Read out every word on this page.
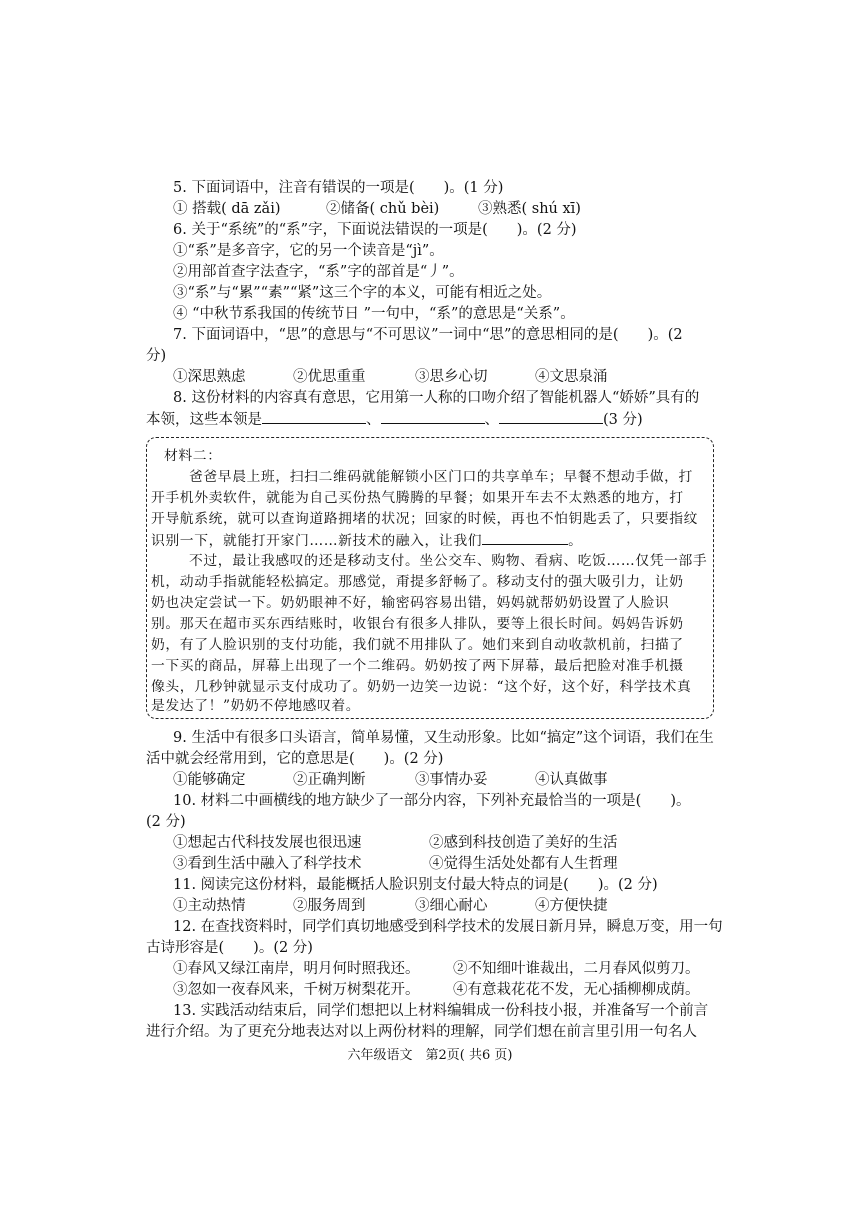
5. 下面词语中，注音有错误的一项是(　　)。(1 分)
① 搭载( dā zǎi)	②储备( chǔ bèi)	③熟悉( shú xī)
6. 关于“系统”的“系”字，下面说法错误的一项是(　　)。(2 分)
①“系”是多音字，它的另一个读音是“jì”。
②用部首查字法查字，“系”字的部首是“丿”。
③“系”与“累”“素”“紧”这三个字的本义，可能有相近之处。
④ “中秋节系我国的传统节日 ”一句中，“系”的意思是“关系”。
7. 下面词语中，“思”的意思与“不可思议”一词中“思”的意思相同的是(　　)。(2
分)
①深思熟虑	②优思重重	③思乡心切	④文思泉涌
8. 这份材料的内容真有意思，它用第一人称的口吻介绍了智能机器人“娇娇”具有的
本领，这些本领是	、	、	(3 分)
材料二：
爸爸早晨上班，扫扫二维码就能解锁小区门口的共享单车；早餐不想动手做，打
开手机外卖软件，就能为自己买份热气腾腾的早餐；如果开车去不太熟悉的地方，打
开导航系统，就可以查询道路拥堵的状况；回家的时候，再也不怕钥匙丢了，只要指纹
识别一下，就能打开家门……新技术的融入，让我们	。
不过，最让我感叹的还是移动支付。坐公交车、购物、看病、吃饭……仅凭一部手
机，动动手指就能轻松搞定。那感觉，甭提多舒畅了。移动支付的强大吸引力，让奶
奶也决定尝试一下。奶奶眼神不好，输密码容易出错，妈妈就帮奶奶设置了人脸识
别。那天在超市买东西结账时，收银台有很多人排队，要等上很长时间。妈妈告诉奶
奶，有了人脸识别的支付功能，我们就不用排队了。她们来到自动收款机前，扫描了
一下买的商品，屏幕上出现了一个二维码。奶奶按了两下屏幕，最后把脸对准手机摄
像头，几秒钟就显示支付成功了。奶奶一边笑一边说：“这个好，这个好，科学技术真
是发达了！”奶奶不停地感叹着。
9. 生活中有很多口头语言，简单易懂，又生动形象。比如“搞定”这个词语，我们在生
活中就会经常用到，它的意思是(　　)。(2 分)
①能够确定	②正确判断	③事情办妥	④认真做事
10. 材料二中画横线的地方缺少了一部分内容，下列补充最恰当的一项是(　　)。
(2 分)
①想起古代科技发展也很迅速	②感到科技创造了美好的生活
③看到生活中融入了科学技术	④觉得生活处处都有人生哲理
11. 阅读完这份材料，最能概括人脸识别支付最大特点的词是(　　)。(2 分)
①主动热情	②服务周到	③细心耐心	④方便快捷
12. 在查找资料时，同学们真切地感受到科学技术的发展日新月异，瞬息万变，用一句
古诗形容是(　　)。(2 分)
①春风又绿江南岸，明月何时照我还。 ②不知细叶谁裁出，二月春风似剪刀。
③忽如一夜春风来，千树万树梨花开。 ④有意栽花花不发，无心插柳柳成荫。
13. 实践活动结束后，同学们想把以上材料编辑成一份科技小报，并准备写一个前言
进行介绍。为了更充分地表达对以上两份材料的理解，同学们想在前言里引用一句名人
六年级语文　第2页( 共6 页)
